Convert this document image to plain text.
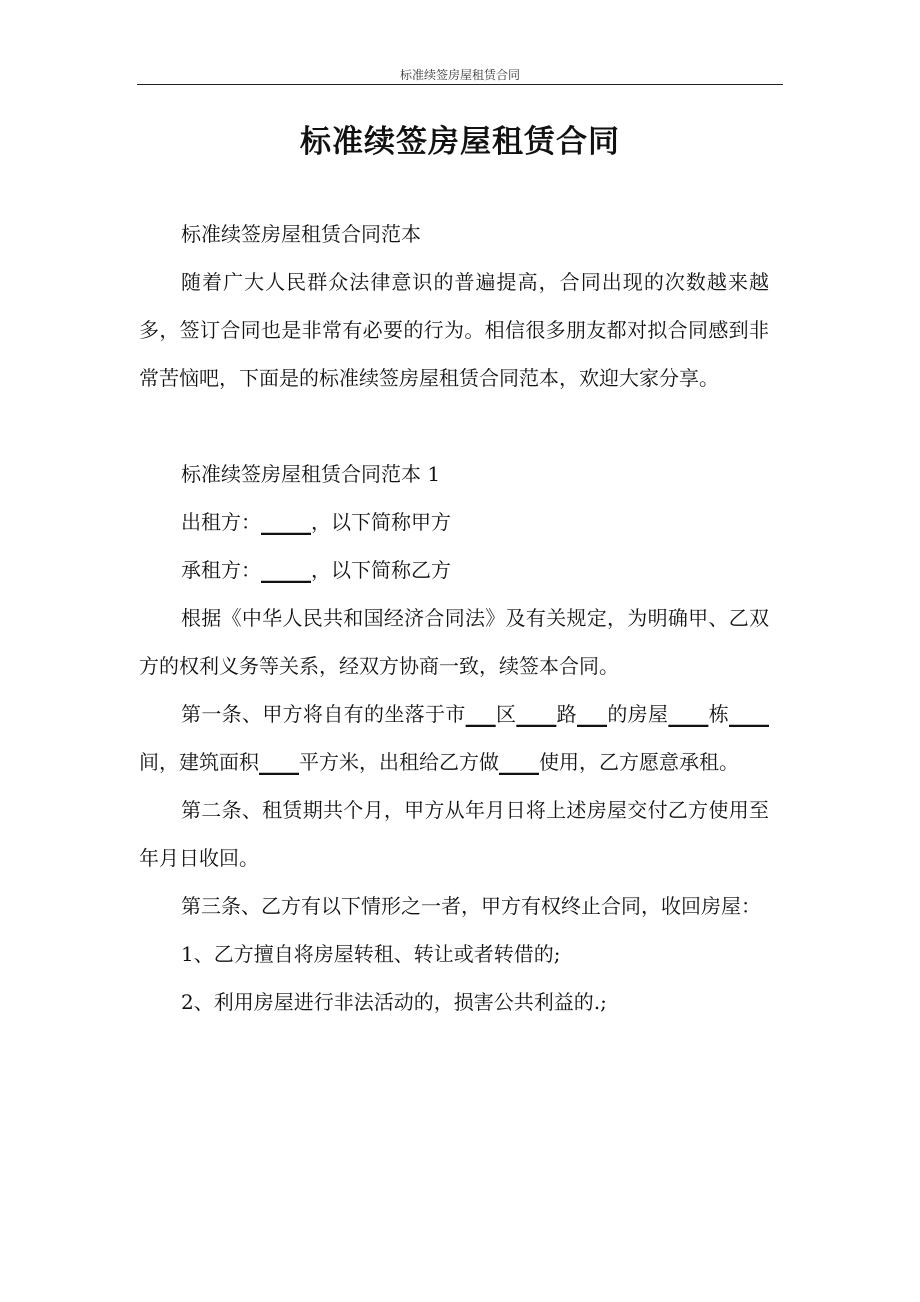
标准续签房屋租赁合同
标准续签房屋租赁合同

标准续签房屋租赁合同范本

随着广大人民群众法律意识的普遍提高，合同出现的次数越来越多，签订合同也是非常有必要的行为。相信很多朋友都对拟合同感到非常苦恼吧，下面是的标准续签房屋租赁合同范本，欢迎大家分享。

标准续签房屋租赁合同范本 1

出租方：_____，以下简称甲方

承租方：_____，以下简称乙方

根据《中华人民共和国经济合同法》及有关规定，为明确甲、乙双方的权利义务等关系，经双方协商一致，续签本合同。

第一条、甲方将自有的坐落于市___区____路___的房屋____栋____间，建筑面积____平方米，出租给乙方做____使用，乙方愿意承租。

第二条、租赁期共个月，甲方从年月日将上述房屋交付乙方使用至年月日收回。

第三条、乙方有以下情形之一者，甲方有权终止合同，收回房屋：

1、乙方擅自将房屋转租、转让或者转借的;

2、利用房屋进行非法活动的，损害公共利益的.;
